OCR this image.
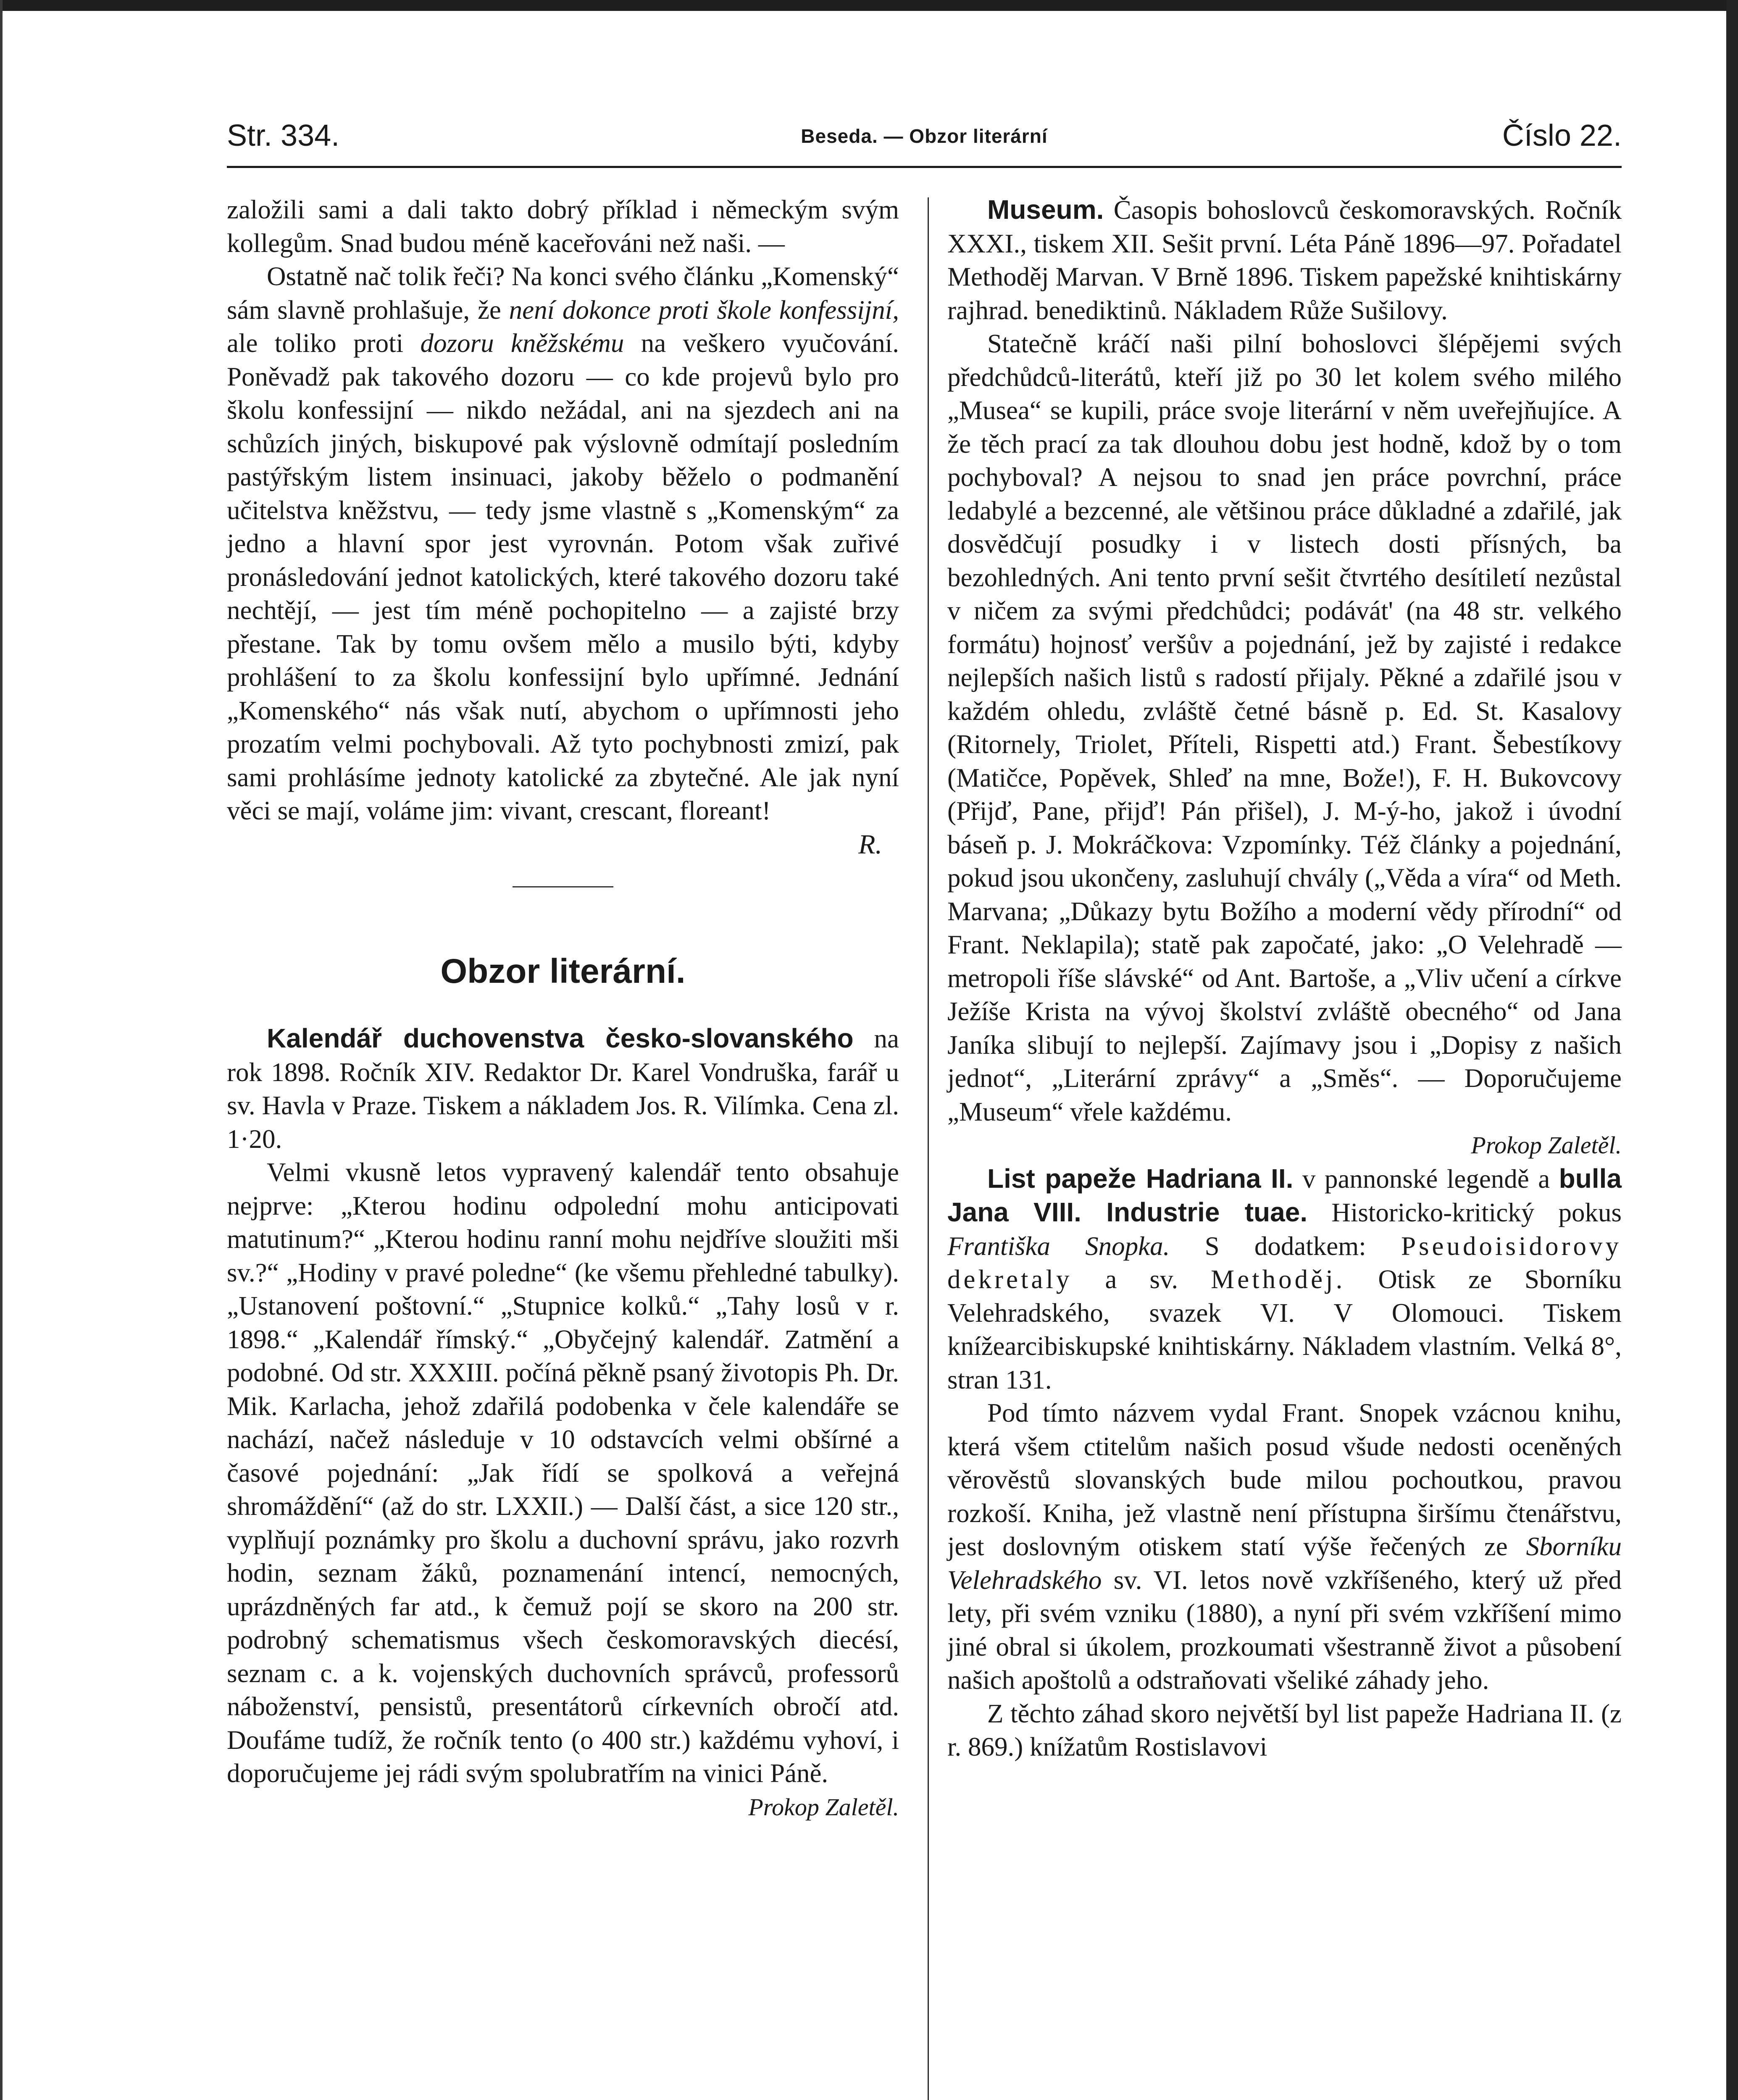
Str. 334.	Beseda. — Obzor literární	Číslo 22.

založili sami a dali takto dobrý příklad i německým svým kollegům. Snad budou méně kaceřováni než naši. —

Ostatně nač tolik řeči? Na konci svého článku „Komenský“ sám slavně prohlašuje, že není dokonce proti škole konfessijní, ale toliko proti dozoru kněžskému na veškero vyučování. Poněvadž pak takového dozoru — co kde projevů bylo pro školu konfessijní — nikdo nežádal, ani na sjezdech ani na schůzích jiných, biskupové pak výslovně odmítají posledním pastýřským listem insinuaci, jakoby běželo o podmanění učitelstva kněžstvu, — tedy jsme vlastně s „Komenským“ za jedno a hlavní spor jest vyrovnán. Potom však zuřivé pronásledování jednot katolických, které takového dozoru také nechtějí, — jest tím méně pochopitelno — a zajisté brzy přestane. Tak by tomu ovšem mělo a musilo býti, kdyby prohlášení to za školu konfessijní bylo upřímné. Jednání „Komenského“ nás však nutí, abychom o upřímnosti jeho prozatím velmi pochybovali. Až tyto pochybnosti zmizí, pak sami prohlásíme jednoty katolické za zbytečné. Ale jak nyní věci se mají, voláme jim: vivant, crescant, floreant!

R.
Obzor literární.

Kalendář duchovenstva česko-slovanského na rok 1898. Ročník XIV. Redaktor Dr. Karel Vondruška, farář u sv. Havla v Praze. Tiskem a nákladem Jos. R. Vilímka. Cena zl. 1·20.

Velmi vkusně letos vypravený kalendář tento obsahuje nejprve: „Kterou hodinu odpolední mohu anticipovati matutinum?“ „Kterou hodinu ranní mohu nejdříve sloužiti mši sv.?“ „Hodiny v pravé poledne“ (ke všemu přehledné tabulky). „Ustanovení poštovní.“ „Stupnice kolků.“ „Tahy losů v r. 1898.“ „Kalendář římský.“ „Obyčejný kalendář. Zatmění a podobné. Od str. XXXIII. počíná pěkně psaný životopis Ph. Dr. Mik. Karlacha, jehož zdařilá podobenka v čele kalendáře se nachází, načež následuje v 10 odstavcích velmi obšírné a časové pojednání: „Jak řídí se spolková a veřejná shromáždění“ (až do str. LXXII.) — Další část, a sice 120 str., vyplňují poznámky pro školu a duchovní správu, jako rozvrh hodin, seznam žáků, poznamenání intencí, nemocných, uprázdněných far atd., k čemuž pojí se skoro na 200 str. podrobný schematismus všech českomoravských diecésí, seznam c. a k. vojenských duchovních správců, professorů náboženství, pensistů, presentátorů církevních obročí atd. Doufáme tudíž, že ročník tento (o 400 str.) každému vyhoví, i doporučujeme jej rádi svým spolubratřím na vinici Páně.

Prokop Zaletěl.

Museum. Časopis bohoslovců českomoravských. Ročník XXXI., tiskem XII. Sešit první. Léta Páně 1896—97. Pořadatel Methoděj Marvan. V Brně 1896. Tiskem papežské knihtiskárny rajhrad. benediktinů. Nákladem Růže Sušilovy.

Statečně kráčí naši pilní bohoslovci šlépějemi svých předchůdců-literátů, kteří již po 30 let kolem svého milého „Musea“ se kupili, práce svoje literární v něm uveřejňujíce. A že těch prací za tak dlouhou dobu jest hodně, kdož by o tom pochyboval? A nejsou to snad jen práce povrchní, práce ledabylé a bezcenné, ale většinou práce důkladné a zdařilé, jak dosvědčují posudky i v listech dosti přísných, ba bezohledných. Ani tento první sešit čtvrtého desítiletí nezůstal v ničem za svými předchůdci; podávát' (na 48 str. velkého formátu) hojnosť veršův a pojednání, jež by zajisté i redakce nejlepších našich listů s radostí přijaly. Pěkné a zdařilé jsou v každém ohledu, zvláště četné básně p. Ed. St. Kasalovy (Ritornely, Triolet, Příteli, Rispetti atd.) Frant. Šebestíkovy (Matičce, Popěvek, Shleď na mne, Bože!), F. H. Bukovcovy (Přijď, Pane, přijď! Pán přišel), J. M-ý-ho, jakož i úvodní báseň p. J. Mokráčkova: Vzpomínky. Též články a pojednání, pokud jsou ukončeny, zasluhují chvály („Věda a víra“ od Meth. Marvana; „Důkazy bytu Božího a moderní vědy přírodní“ od Frant. Neklapila); statě pak započaté, jako: „O Velehradě — metropoli říše slávské“ od Ant. Bartoše, a „Vliv učení a církve Ježíše Krista na vývoj školství zvláště obecného“ od Jana Janíka slibují to nejlepší. Zajímavy jsou i „Dopisy z našich jednot“, „Literární zprávy“ a „Směs“. — Doporučujeme „Museum“ vřele každému.

Prokop Zaletěl.

List papeže Hadriana II. v pannonské legendě a bulla Jana VIII. Industrie tuae. Historicko-kritický pokus Františka Snopka. S dodatkem: Pseudoisidorovy dekretaly a sv. Methoděj. Otisk ze Sborníku Velehradského, svazek VI. V Olomouci. Tiskem knížearcibiskupské knihtiskárny. Nákladem vlastním. Velká 8°, stran 131.

Pod tímto názvem vydal Frant. Snopek vzácnou knihu, která všem ctitelům našich posud všude nedosti oceněných věrověstů slovanských bude milou pochoutkou, pravou rozkoší. Kniha, jež vlastně není přístupna širšímu čtenářstvu, jest doslovným otiskem statí výše řečených ze Sborníku Velehradského sv. VI. letos nově vzkříšeného, který už před lety, při svém vzniku (1880), a nyní při svém vzkříšení mimo jiné obral si úkolem, prozkoumati všestranně život a působení našich apoštolů a odstraňovati všeliké záhady jeho.

Z těchto záhad skoro největší byl list papeže Hadriana II. (z r. 869.) knížatům Rostislavovi
